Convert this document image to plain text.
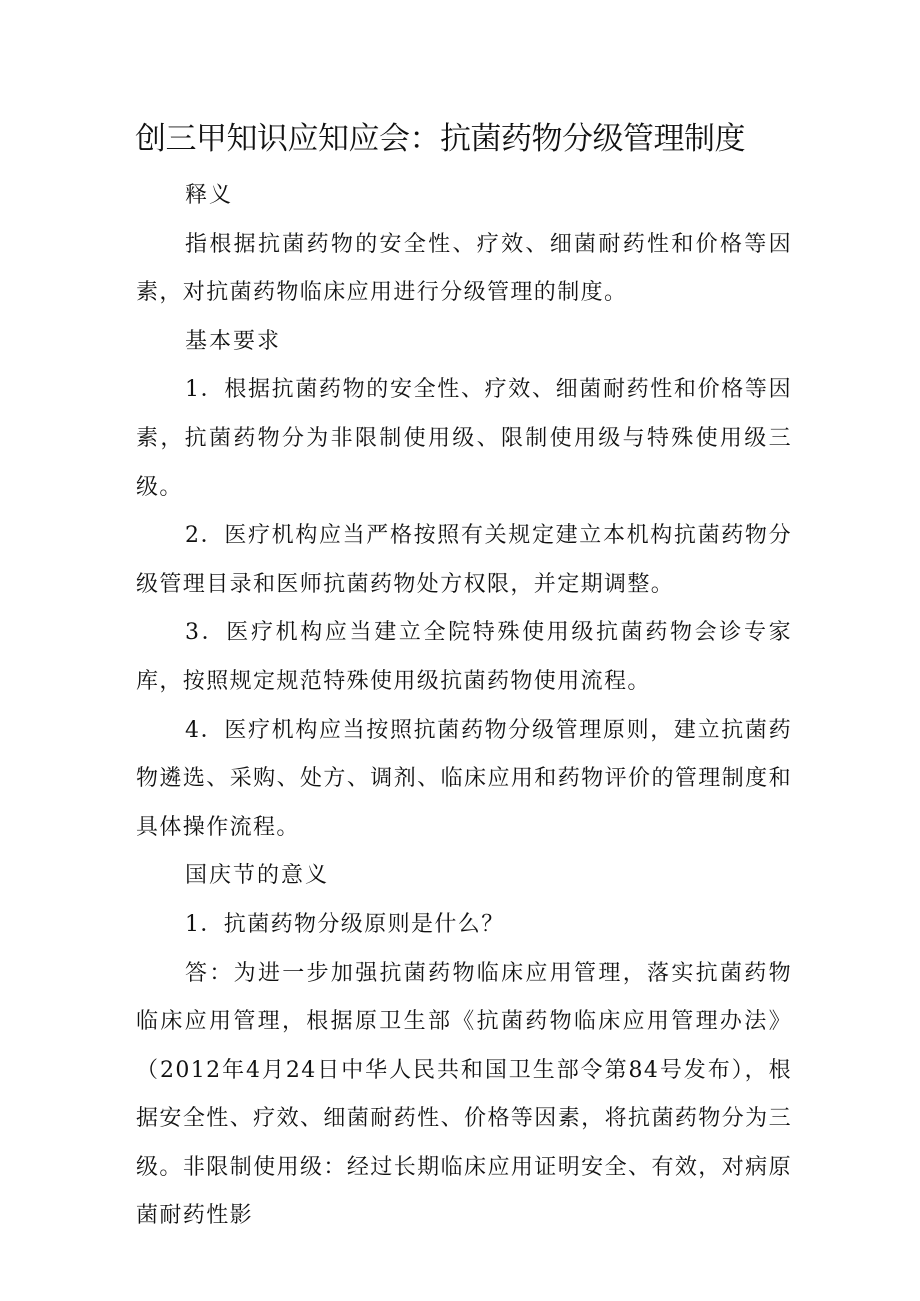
创三甲知识应知应会：抗菌药物分级管理制度

释义

指根据抗菌药物的安全性、疗效、细菌耐药性和价格等因素，对抗菌药物临床应用进行分级管理的制度。

基本要求

1．根据抗菌药物的安全性、疗效、细菌耐药性和价格等因素，抗菌药物分为非限制使用级、限制使用级与特殊使用级三级。

2．医疗机构应当严格按照有关规定建立本机构抗菌药物分级管理目录和医师抗菌药物处方权限，并定期调整。

3．医疗机构应当建立全院特殊使用级抗菌药物会诊专家库，按照规定规范特殊使用级抗菌药物使用流程。

4．医疗机构应当按照抗菌药物分级管理原则，建立抗菌药物遴选、采购、处方、调剂、临床应用和药物评价的管理制度和具体操作流程。

国庆节的意义

1．抗菌药物分级原则是什么？

答：为进一步加强抗菌药物临床应用管理，落实抗菌药物临床应用管理，根据原卫生部《抗菌药物临床应用管理办法》（2012年4月24日中华人民共和国卫生部令第84号发布），根据安全性、疗效、细菌耐药性、价格等因素，将抗菌药物分为三级。非限制使用级：经过长期临床应用证明安全、有效，对病原菌耐药性影
